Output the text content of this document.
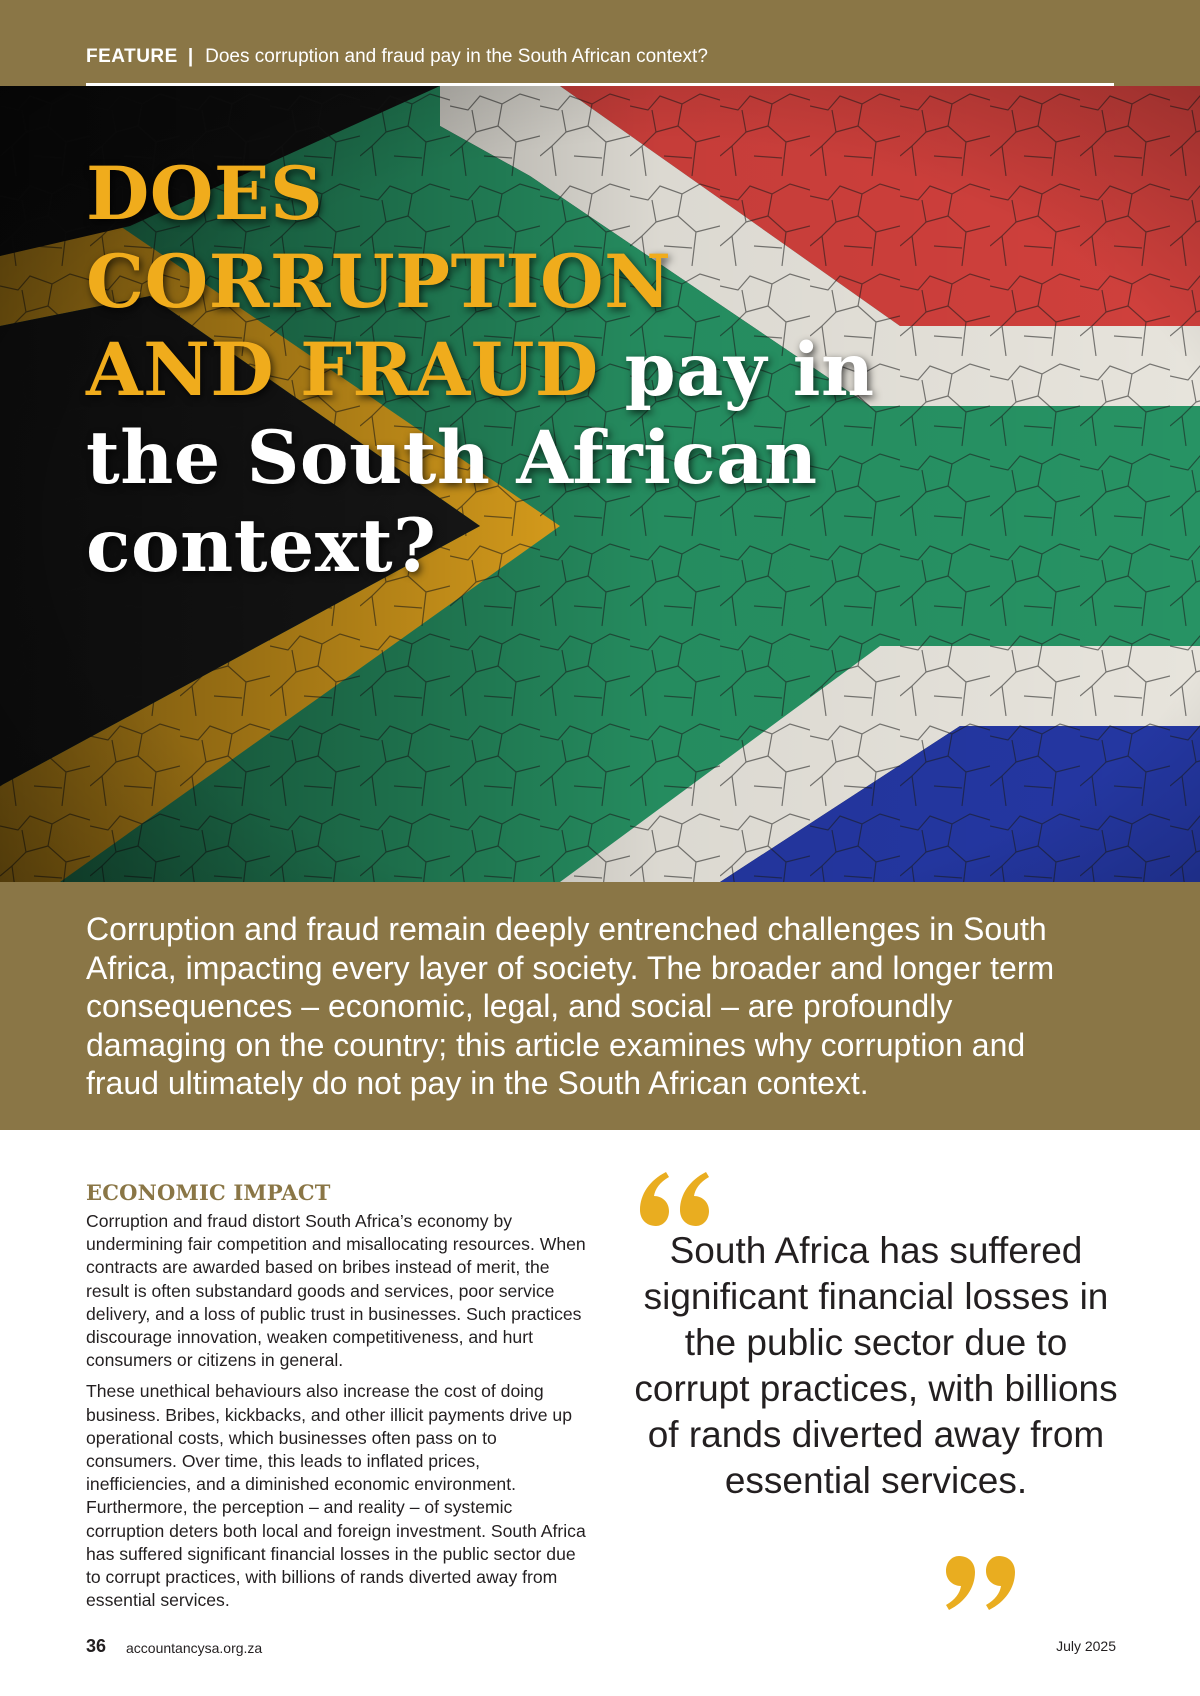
FEATURE | Does corruption and fraud pay in the South African context?
DOES CORRUPTION
AND FRAUD pay in
the South African
context?

Corruption and fraud remain deeply entrenched challenges in South Africa, impacting every layer of society. The broader and longer term consequences – economic, legal, and social – are profoundly damaging on the country; this article examines why corruption and fraud ultimately do not pay in the South African context.

ECONOMIC IMPACT

Corruption and fraud distort South Africa’s economy by undermining fair competition and misallocating resources. When contracts are awarded based on bribes instead of merit, the result is often substandard goods and services, poor service delivery, and a loss of public trust in businesses. Such practices discourage innovation, weaken competitiveness, and hurt consumers or citizens in general.

These unethical behaviours also increase the cost of doing business. Bribes, kickbacks, and other illicit payments drive up operational costs, which businesses often pass on to consumers. Over time, this leads to inflated prices, inefficiencies, and a diminished economic environment. Furthermore, the perception – and reality – of systemic corruption deters both local and foreign investment. South Africa has suffered significant financial losses in the public sector due to corrupt practices, with billions of rands diverted away from essential services.

South Africa has suffered significant financial losses in the public sector due to corrupt practices, with billions of rands diverted away from essential services.
36 accountancysa.org.za	July 2025
